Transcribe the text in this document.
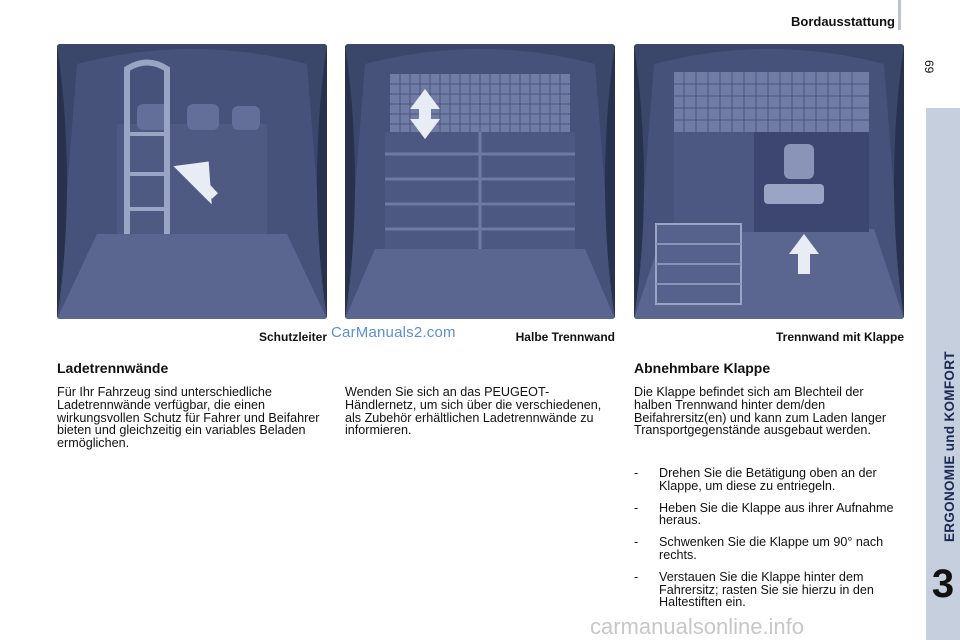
Bordausstattung
69
ERGONOMIE und KOMFORT
3
Schutzleiter CarManuals2.com	Halbe Trennwand	Trennwand mit Klappe
Ladetrennwände
Für Ihr Fahrzeug sind unterschiedliche Ladetrennwände verfügbar, die einen wirkungsvollen Schutz für Fahrer und Beifahrer bieten und gleichzeitig ein variables Beladen ermöglichen.
Wenden Sie sich an das PEUGEOT-Händlernetz, um sich über die verschiedenen, als Zubehör erhältlichen Ladetrennwände zu informieren.
Abnehmbare Klappe
Die Klappe befindet sich am Blechteil der halben Trennwand hinter dem/den Beifahrersitz(en) und kann zum Laden langer Transportgegenstände ausgebaut werden.
- Drehen Sie die Betätigung oben an der Klappe, um diese zu entriegeln.
- Heben Sie die Klappe aus ihrer Aufnahme heraus.
- Schwenken Sie die Klappe um 90° nach rechts.
- Verstauen Sie die Klappe hinter dem Fahrersitz; rasten Sie sie hierzu in den Haltestiften ein.
carmanualsonline.info
